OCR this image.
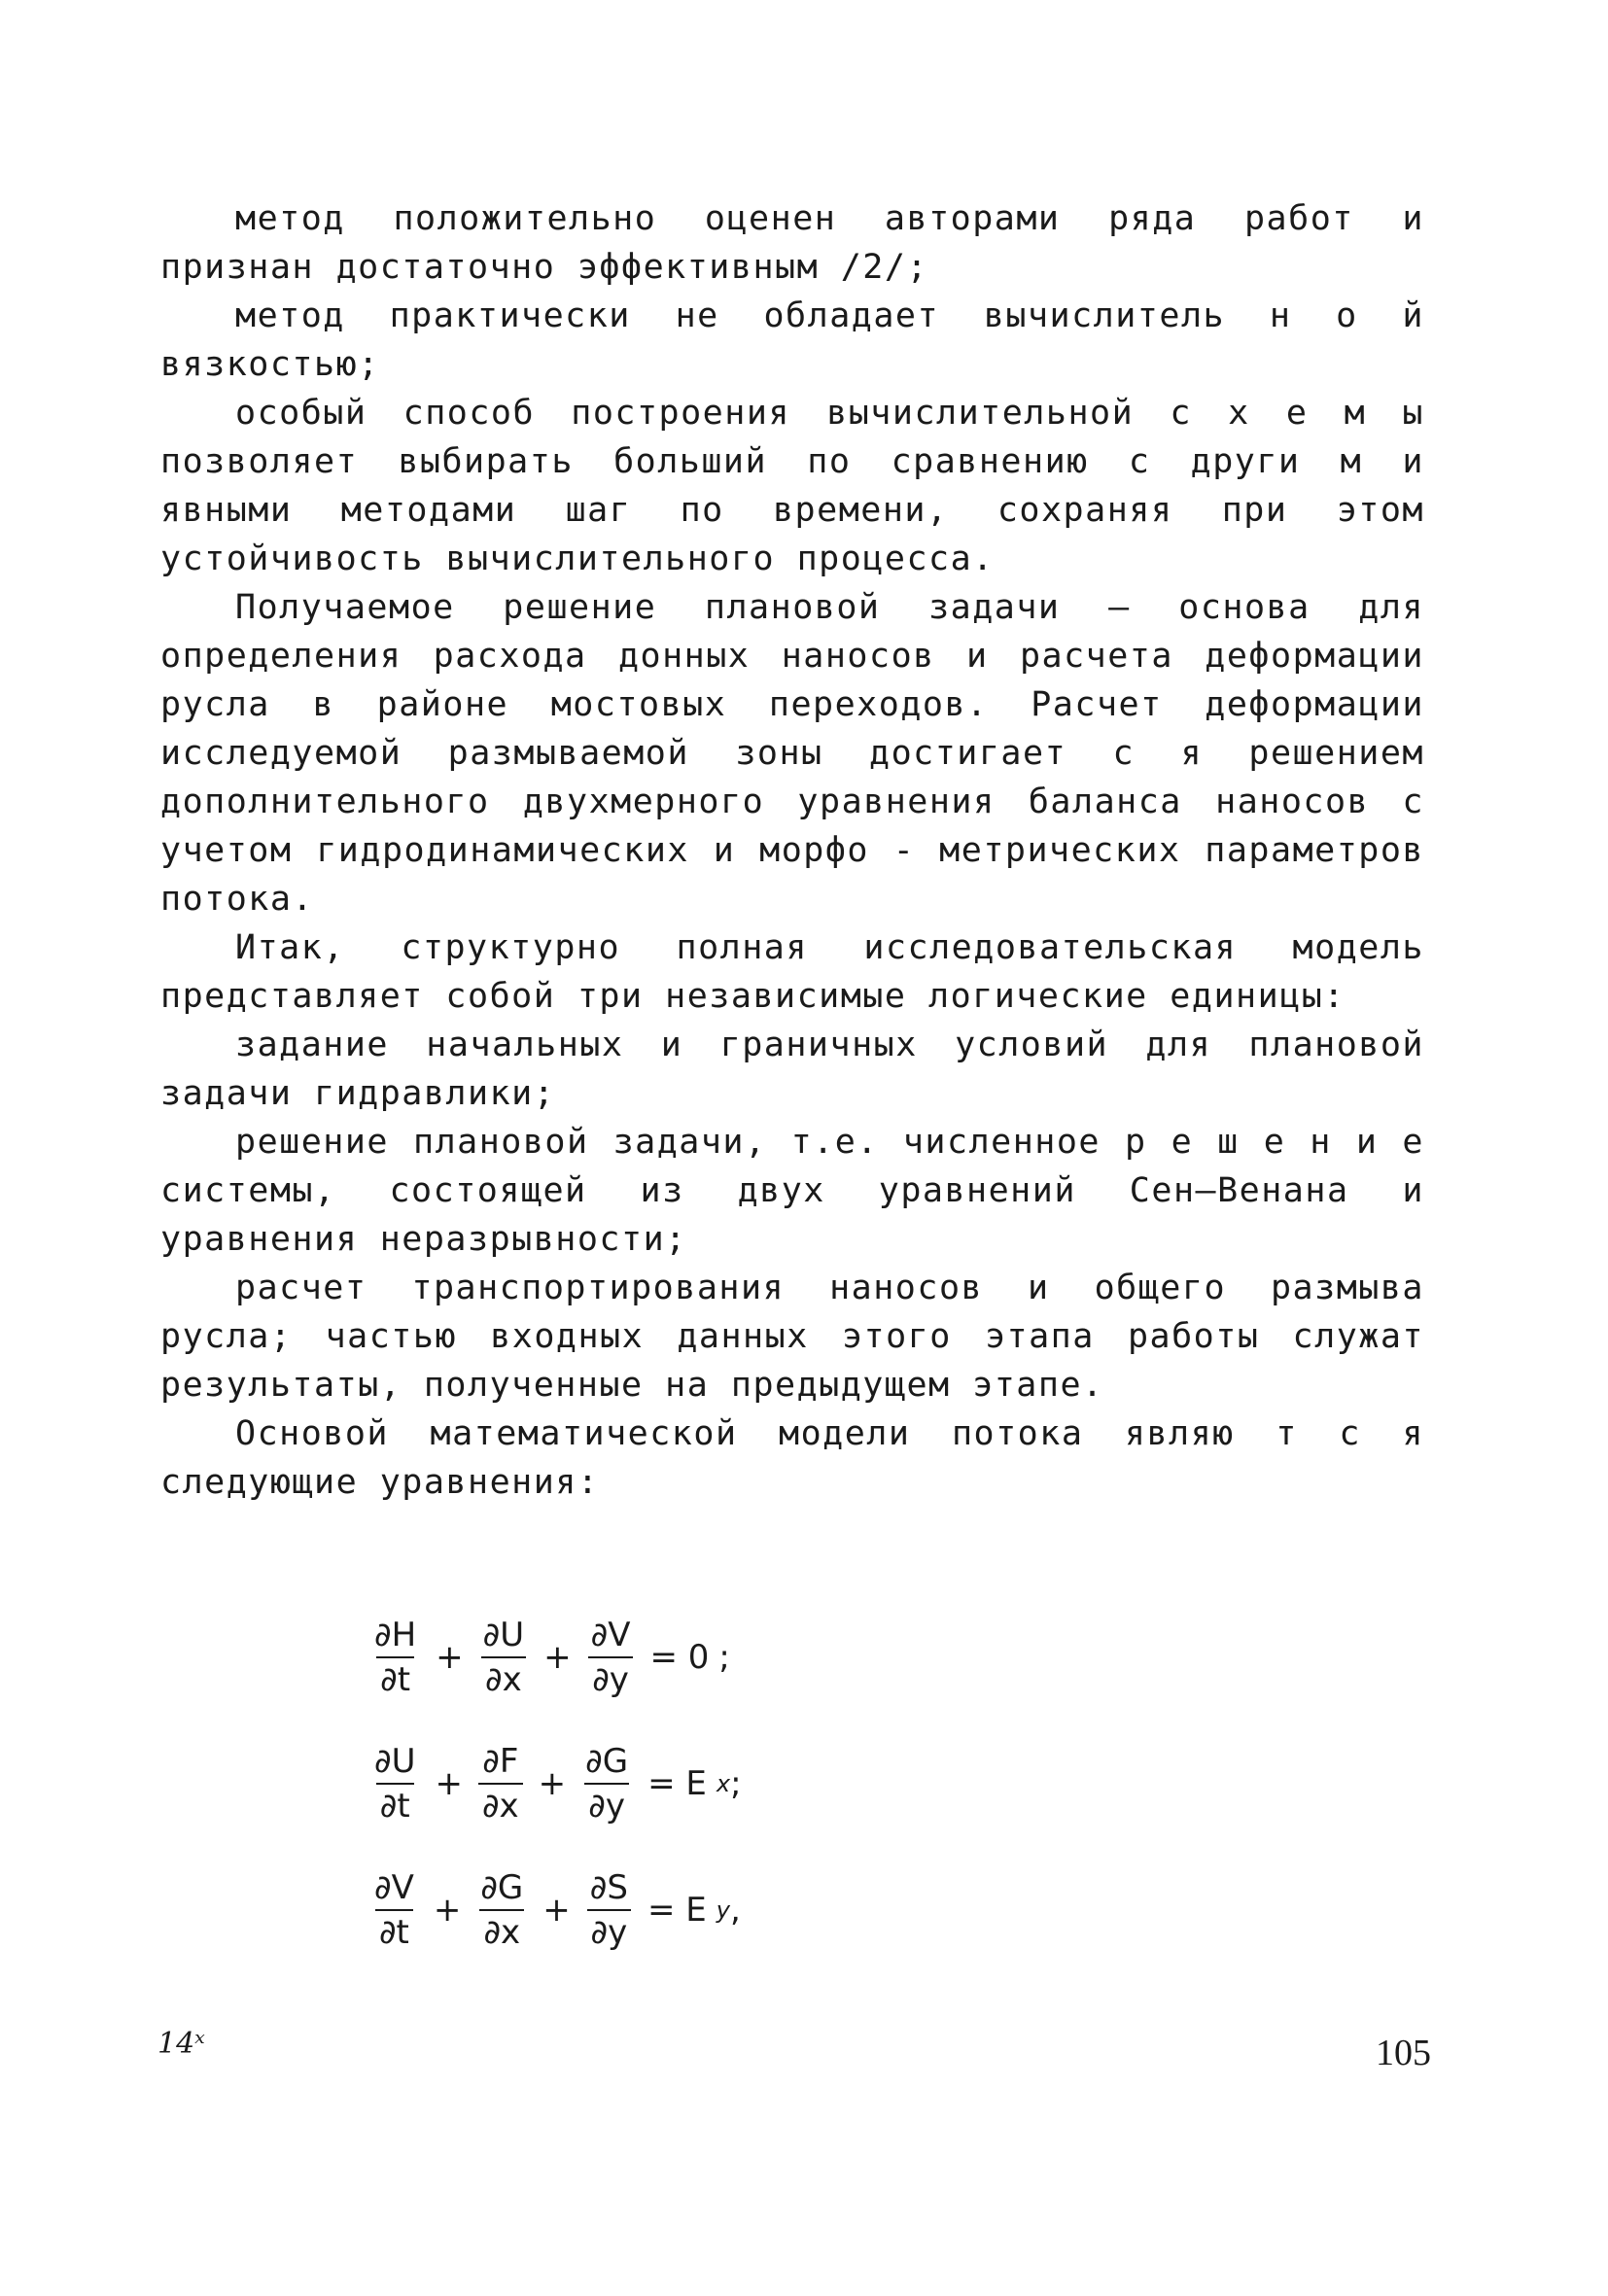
метод положительно оценен авторами ряда работ и признан достаточно эффективным /2/;

метод практически не обладает вычислитель н о й вязкостью;

особый способ построения вычислительной с х е м ы позволяет выбирать больший по сравнению с други м и явными методами шаг по времени, сохраняя при этом устойчивость вычислительного процесса.

Получаемое решение плановой задачи – основа для определения расхода донных наносов и расчета деформации русла в районе мостовых переходов. Расчет деформации исследуемой размываемой зоны достигает с я решением дополнительного двухмерного уравнения баланса наносов с учетом гидродинамических и морфо - метрических параметров потока.

Итак, структурно полная исследовательская модель представляет собой три независимые логические единицы:

задание начальных и граничных условий для плановой задачи гидравлики;

решение плановой задачи, т.е. численное р е ш е н и е системы, состоящей из двух уравнений Сен–Венана и уравнения неразрывности;

расчет транспортирования наносов и общего размыва русла; частью входных данных этого этапа работы служат результаты, полученные на предыдущем этапе.

Основой математической модели потока являю т с я следующие уравнения:

$\frac{\partial H}{\partial t} + \frac{\partial U}{\partial x} + \frac{\partial V}{\partial y} = 0$ ;
$\frac{\partial U}{\partial t} + \frac{\partial F}{\partial x} + \frac{\partial G}{\partial y} = E$ x ;
$\frac{\partial V}{\partial t} + \frac{\partial G}{\partial x} + \frac{\partial S}{\partial y} = E$ y ,
14ˣ	105
